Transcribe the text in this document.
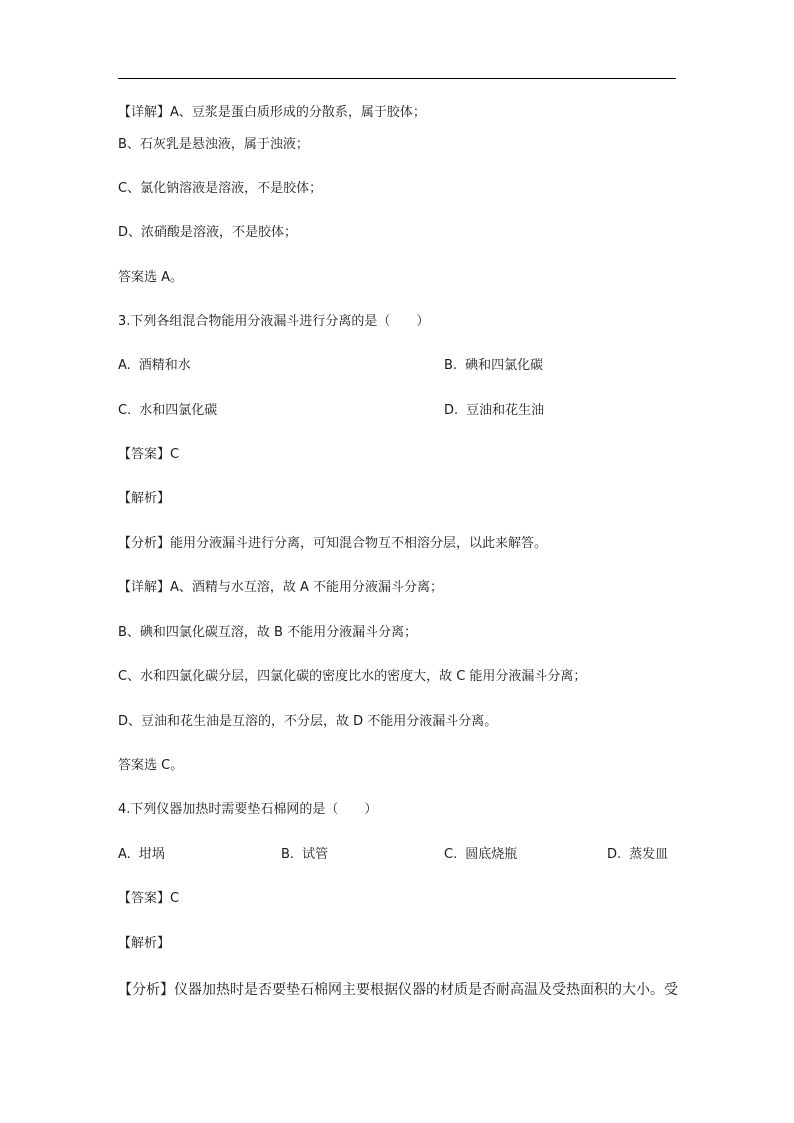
【详解】A、豆浆是蛋白质形成的分散系，属于胶体；
B、石灰乳是悬浊液，属于浊液；
C、氯化钠溶液是溶液，不是胶体；
D、浓硝酸是溶液，不是胶体；
答案选 A。
3.下列各组混合物能用分液漏斗进行分离的是（　　）
A. 酒精和水	B. 碘和四氯化碳
C. 水和四氯化碳	D. 豆油和花生油
【答案】C
【解析】
【分析】能用分液漏斗进行分离，可知混合物互不相溶分层，以此来解答。
【详解】A、酒精与水互溶，故 A 不能用分液漏斗分离；
B、碘和四氯化碳互溶，故 B 不能用分液漏斗分离；
C、水和四氯化碳分层，四氯化碳的密度比水的密度大，故 C 能用分液漏斗分离；
D、豆油和花生油是互溶的，不分层，故 D 不能用分液漏斗分离。
答案选 C。
4.下列仪器加热时需要垫石棉网的是（　　）
A. 坩埚	B. 试管	C. 圆底烧瓶	D. 蒸发皿
【答案】C
【解析】
【分析】仪器加热时是否要垫石棉网主要根据仪器的材质是否耐高温及受热面积的大小。受
